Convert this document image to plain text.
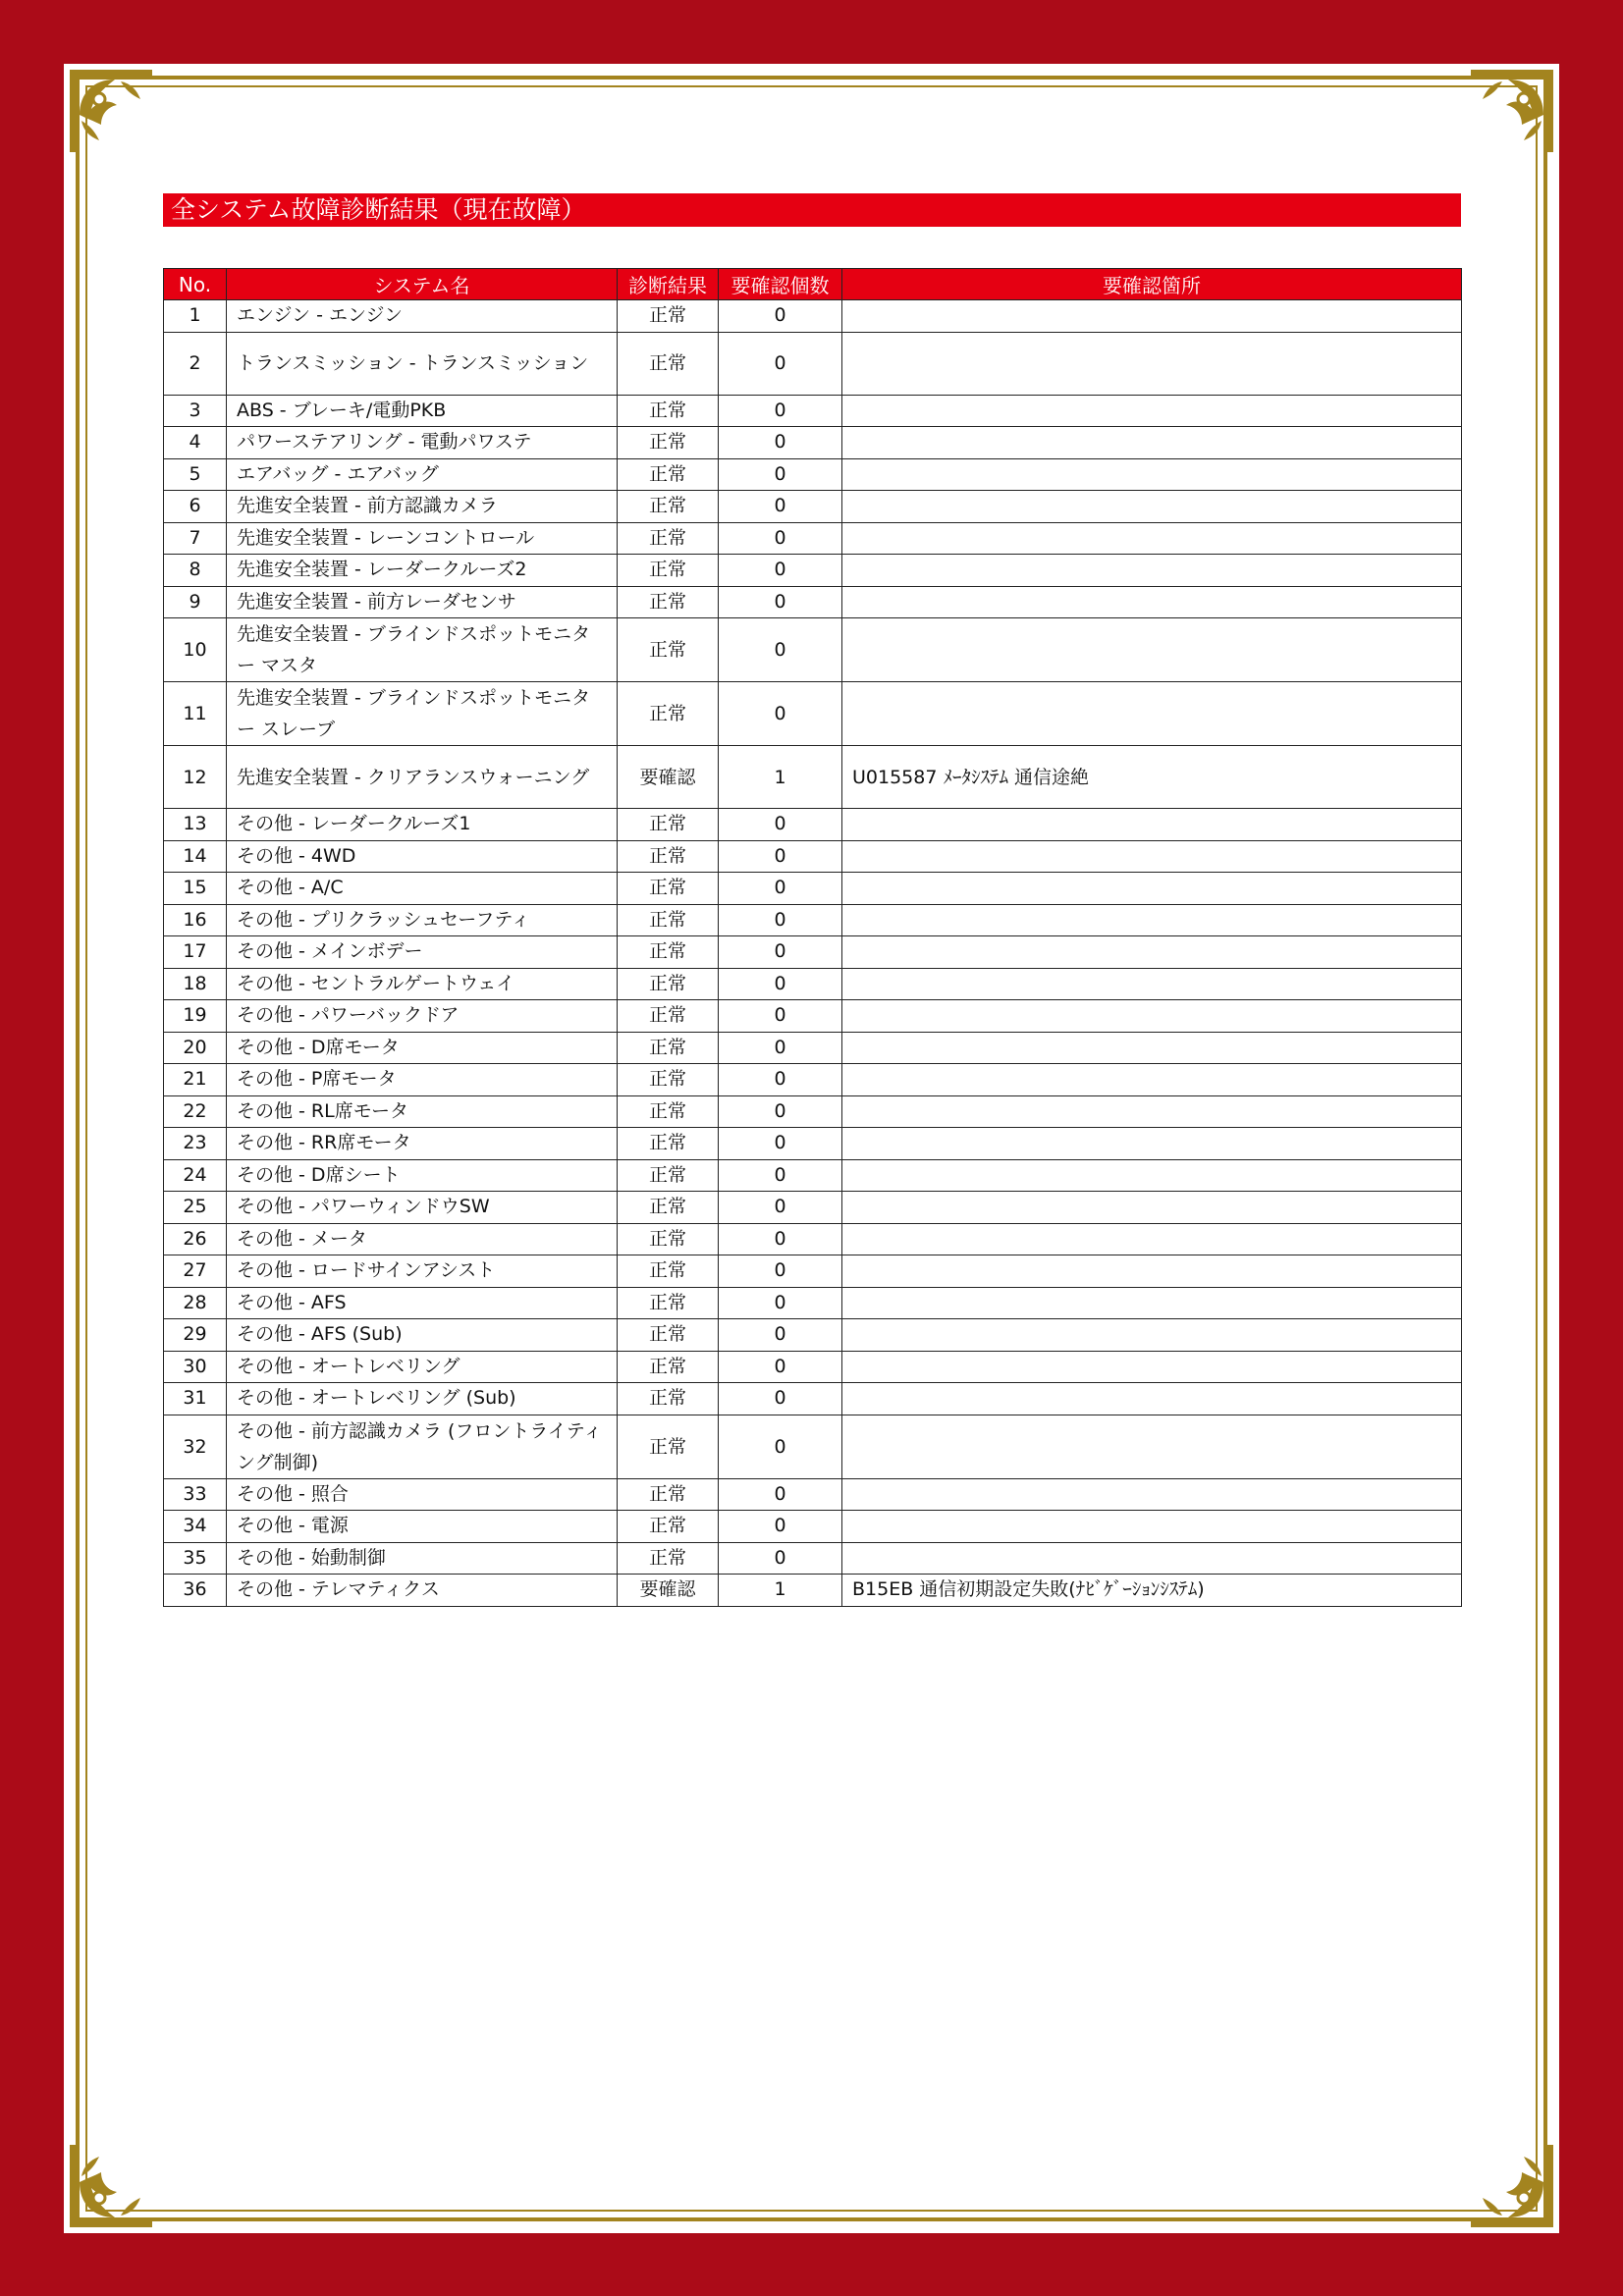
全システム故障診断結果（現在故障）
No.	システム名	診断結果	要確認個数	要確認箇所
1	エンジン - エンジン	正常	0	
2	トランスミッション - トランスミッション	正常	0	
3	ABS - ブレーキ/電動PKB	正常	0	
4	パワーステアリング - 電動パワステ	正常	0	
5	エアバッグ - エアバッグ	正常	0	
6	先進安全装置 - 前方認識カメラ	正常	0	
7	先進安全装置 - レーンコントロール	正常	0	
8	先進安全装置 - レーダークルーズ2	正常	0	
9	先進安全装置 - 前方レーダセンサ	正常	0	
10	先進安全装置 - ブラインドスポットモニター マスタ	正常	0	
11	先進安全装置 - ブラインドスポットモニター スレーブ	正常	0	
12	先進安全装置 - クリアランスウォーニング	要確認	1	U015587 ﾒｰﾀｼｽﾃﾑ 通信途絶
13	その他 - レーダークルーズ1	正常	0	
14	その他 - 4WD	正常	0	
15	その他 - A/C	正常	0	
16	その他 - プリクラッシュセーフティ	正常	0	
17	その他 - メインボデー	正常	0	
18	その他 - セントラルゲートウェイ	正常	0	
19	その他 - パワーバックドア	正常	0	
20	その他 - D席モータ	正常	0	
21	その他 - P席モータ	正常	0	
22	その他 - RL席モータ	正常	0	
23	その他 - RR席モータ	正常	0	
24	その他 - D席シート	正常	0	
25	その他 - パワーウィンドウSW	正常	0	
26	その他 - メータ	正常	0	
27	その他 - ロードサインアシスト	正常	0	
28	その他 - AFS	正常	0	
29	その他 - AFS (Sub)	正常	0	
30	その他 - オートレベリング	正常	0	
31	その他 - オートレベリング (Sub)	正常	0	
32	その他 - 前方認識カメラ (フロントライティング制御)	正常	0	
33	その他 - 照合	正常	0	
34	その他 - 電源	正常	0	
35	その他 - 始動制御	正常	0	
36	その他 - テレマティクス	要確認	1	B15EB 通信初期設定失敗(ﾅﾋﾞｹﾞｰｼｮﾝｼｽﾃﾑ)
